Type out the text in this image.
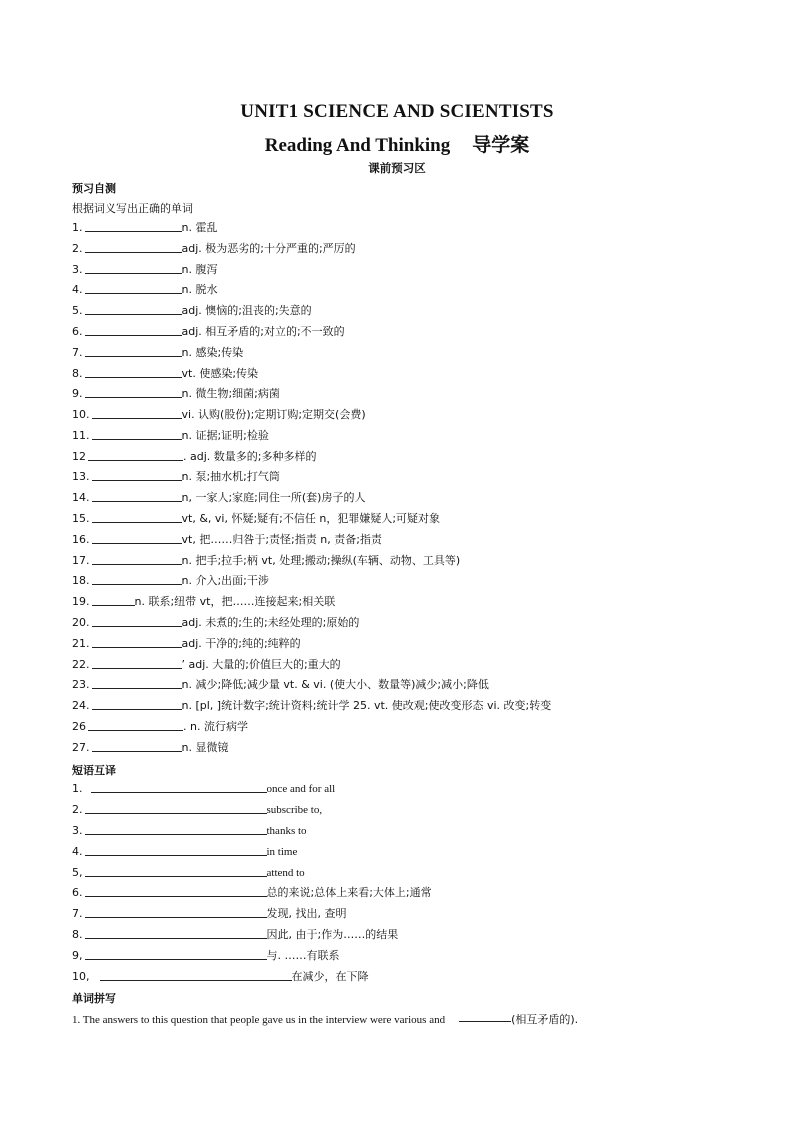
UNIT1 SCIENCE AND SCIENTISTS
Reading And Thinking 导学案
课前预习区
预习自测
根据词义写出正确的单词
1.	n. 霍乱
2.	adj. 极为恶劣的;十分严重的;严厉的
3.	n. 腹泻
4.	n. 脱水
5.	adj. 懊恼的;沮丧的;失意的
6.	adj. 相互矛盾的;对立的;不一致的
7.	n. 感染;传染
8.	vt. 使感染;传染
9.	n. 微生物;细菌;病菌
10.	vi. 认购(股份);定期订购;定期交(会费)
11.	n. 证据;证明;检验
12	. adj. 数量多的;多种多样的
13.	n. 泵;抽水机;打气筒
14.	n, 一家人;家庭;同住一所(套)房子的人
15.	vt, &, vi, 怀疑;疑有;不信任 n，犯罪嫌疑人;可疑对象
16.	vt, 把……归咎于;责怪;指责 n, 责备;指责
17.	n. 把手;拉手;柄 vt, 处理;搬动;操纵(车辆、动物、工具等)
18.	n. 介入;出面;干涉
19.	n. 联系;纽带 vt，把……连接起来;相关联
20.	adj. 未煮的;生的;未经处理的;原始的
21.	adj. 干净的;纯的;纯粹的
22.	’ adj. 大量的;价值巨大的;重大的
23.	n. 减少;降低;减少量 vt. & vi. (使大小、数量等)减少;减小;降低
24.	n. [pl, ]统计数字;统计资料;统计学 25. vt. 使改观;使改变形态 vi. 改变;转变
26	. n. 流行病学
27.	n. 显微镜
短语互译
1.	once and for all
2.	subscribe to,
3.	thanks to
4.	in time
5,	attend to
6.	总的来说;总体上来看;大体上;通常
7.	发现, 找出, 查明
8.	因此, 由于;作为……的结果
9,	与. ……有联系
10,	在减少，在下降
单词拼写
1. The answers to this question that people gave us in the interview were various and	(相互矛盾的).
